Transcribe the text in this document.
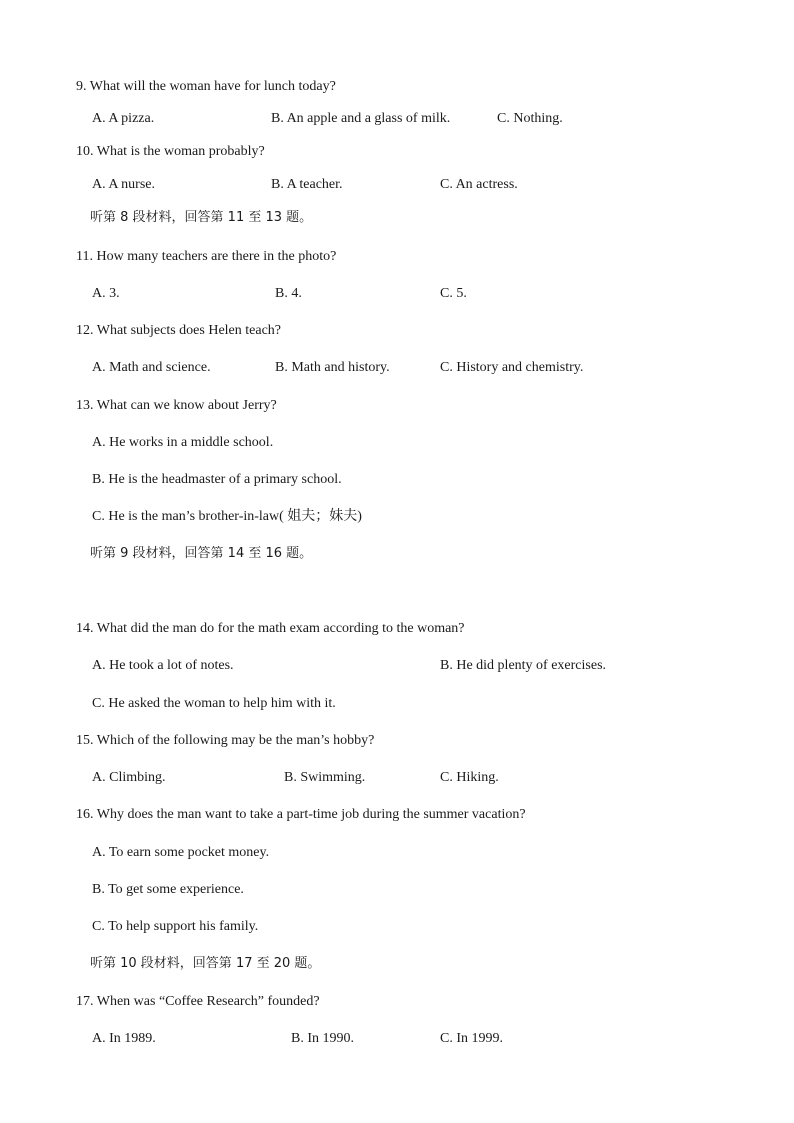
9. What will the woman have for lunch today?
A. A pizza.	B. An apple and a glass of milk.	C. Nothing.
10. What is the woman probably?
A. A nurse.	B. A teacher.	C. An actress.
听第 8 段材料，回答第 11 至 13 题。
11. How many teachers are there in the photo?
A. 3.	B. 4.	C. 5.
12. What subjects does Helen teach?
A. Math and science.	B. Math and history.	C. History and chemistry.
13. What can we know about Jerry?
A. He works in a middle school.
B. He is the headmaster of a primary school.
C. He is the man’s brother-in-law( 姐夫；妹夫)
听第 9 段材料，回答第 14 至 16 题。
14. What did the man do for the math exam according to the woman?
A. He took a lot of notes.	B. He did plenty of exercises.
C. He asked the woman to help him with it.
15. Which of the following may be the man’s hobby?
A. Climbing.	B. Swimming.	C. Hiking.
16. Why does the man want to take a part-time job during the summer vacation?
A. To earn some pocket money.
B. To get some experience.
C. To help support his family.
听第 10 段材料，回答第 17 至 20 题。
17. When was “Coffee Research” founded?
A. In 1989.	B. In 1990.	C. In 1999.
